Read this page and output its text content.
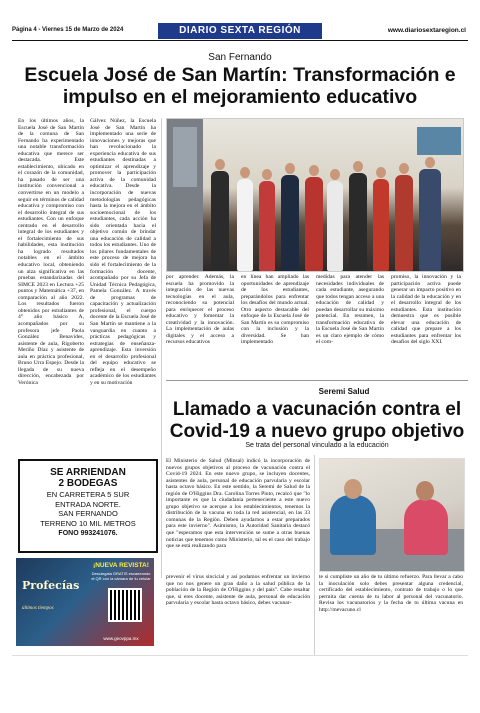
Página 4 - Viernes 15 de Marzo de 2024	DIARIO SEXTA REGIÓN	www.diariosextaregion.cl
San Fernando
Escuela José de San Martín: Transformación e impulso en el mejoramiento educativo
En los últimos años, la Escuela José de San Martín de la comuna de San Fernando ha experimentado una notable transformación educativa que merece ser destacada. Este establecimiento, ubicado en el corazón de la comunidad, ha pasado de ser una institución convencional a convertirse en un modelo a seguir en términos de calidad educativa y compromiso con el desarrollo integral de sus estudiantes. Con un enfoque centrado en el desarrollo integral de los estudiantes y el fortalecimiento de sus habilidades, esta institución ha logrado resultados notables en el ámbito educativo local, obteniendo un alza significativa en las pruebas estandarizadas del SIMCE 2023 en Lectura +25 puntos y Matemática +37, en comparación al año 2022. Los resultados fueron obtenidos por estudiantes de 4° año básico A, acompañados por su profesora jefe Paola González Benavides, asistente de aula, Rigoberto Meriño Díaz y asistente de aula en práctica profesional, Bruno Urra Espejo. Desde la llegada de su nueva dirección, encabezada por Verónica
Gálvez Núñez, la Escuela José de San Martín ha implementado una serie de innovaciones y mejoras que han revolucionado la experiencia educativa de sus estudiantes destinadas a optimizar el aprendizaje y promover la participación activa de la comunidad educativa. Desde la incorporación de nuevas metodologías pedagógicas hasta la mejora en el ámbito socioemocional de los estudiantes, cada acción ha sido orientada hacia el objetivo común de brindar una educación de calidad a todos los estudiantes. Uno de los pilares fundamentales de este proceso de mejora ha sido el fortalecimiento de la formación docente, acompañado por su Jefa de Unidad Técnica Pedagógica, Pamela González. A través de programas de capacitación y actualización profesional, el cuerpo docente de la Escuela José de San Martín se mantiene a la vanguardia en cuanto a prácticas pedagógicas y estrategias de enseñanza-aprendizaje. Esta inversión en el desarrollo profesional del equipo educativo se refleja en el desempeño académico de los estudiantes y en su motivación
por aprender. Además, la escuela ha promovido la integración de las nuevas tecnologías en el aula, reconociendo su potencial para enriquecer el proceso educativo y fomentar la creatividad y la innovación. La implementación de aulas digitales y el acceso a recursos educativos
en línea han ampliado las oportunidades de aprendizaje de los estudiantes, preparándolos para enfrentar los desafíos del mundo actual. Otro aspecto destacable del enfoque de la Escuela José de San Martín es su compromiso con la inclusión y la diversidad. Se han implementado
medidas para atender las necesidades individuales de cada estudiante, asegurando que todos tengan acceso a una educación de calidad y puedan desarrollar su máximo potencial. En resumen, la transformación educativa de la Escuela José de San Martín es un claro ejemplo de cómo el com-
promiso, la innovación y la participación activa puede generar un impacto positivo en la calidad de la educación y en el desarrollo integral de los estudiantes. Esta institución demuestra que es posible elevar una educación de calidad que prepare a los estudiantes para enfrentar los desafíos del siglo XXI.
Seremi Salud
Llamado a vacunación contra el Covid-19 a nuevo grupo objetivo
Se trata del personal vinculado a la educación
El Ministerio de Salud (Minsal) indicó la incorporación de nuevos grupos objetivos al proceso de vacunación contra el Covid-19 2024. En este nuevo grupo, se incluyen docentes, asistentes de aula, personal de educación parvularia y escolar hasta octavo básico. En este sentido, la Seremi de Salud de la región de O'Higgins Dra. Carolina Torres Pinto, recalcó que "lo importante es que la ciudadanía perteneciente a este nuevo grupo objetivo se acerque a los establecimientos, tenemos la distribución de la vacuna en toda la red asistencial, en las 33 comunas de la Región. Deben ayudarnos a estar preparados para este invierno". Asimismo, la Autoridad Sanitaria destacó que "esperamos que esta intervención se sume a otras buenas noticias que tenemos como Ministerio, tal es el caso del trabajo que se está realizando para
prevenir el virus sincicial y así podamos enfrentar un invierno que no nos genere un gran daño a la salud pública de la población de la Región de O'Higgins y del país". Cabe resaltar que, si eres docente, asistente de aula, personal de educación parvularia y escolar hasta octavo básico, debes vacunar-
te si cumpliste un año de tu último refuerzo. Para llevar a cabo la inoculación solo debes presentar alguna credencial, certificado del establecimiento, contrato de trabajo o lo que permita dar cuenta de tu labor al personal del vacunatorio. Revisa los vacunatorios y la fecha de tu última vacuna en http://mevacuno.cl
SE ARRIENDAN
2 BODEGAS
EN CARRETERA 5 SUR
ENTRADA NORTE.
SAN FERNANDO
TERRENO 10 MIL METROS
FONO 993241076.
Profecías
últimos tiempos
¡NUEVA REVISTA!
Descárgala GRATIS escaneando el QR con la cámara de tu celular
www.geovppa.mx
